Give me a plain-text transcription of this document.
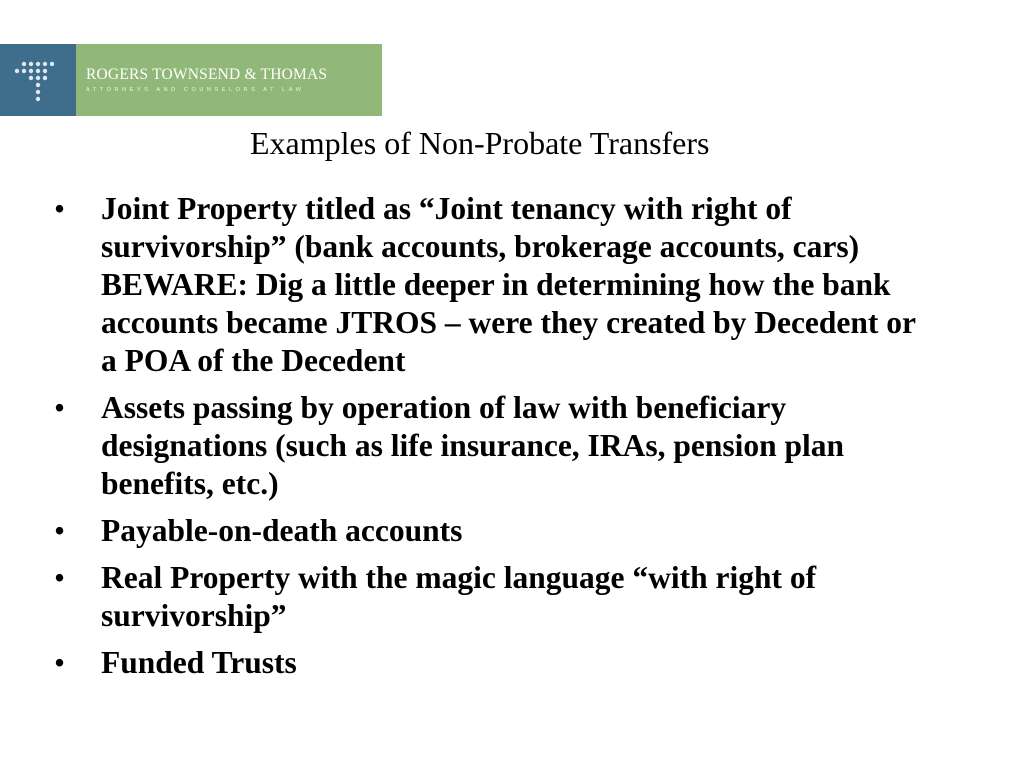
ROGERS TOWNSEND & THOMAS
ATTORNEYS AND COUNSELORS AT LAW
Examples of Non-Probate Transfers
•	Joint Property titled as “Joint tenancy with right of survivorship” (bank accounts, brokerage accounts, cars) BEWARE: Dig a little deeper in determining how the bank accounts became JTROS – were they created by Decedent or a POA of the Decedent
•	Assets passing by operation of law with beneficiary designations (such as life insurance, IRAs, pension plan benefits, etc.)
•	Payable-on-death accounts
•	Real Property with the magic language “with right of survivorship”
•	Funded Trusts
